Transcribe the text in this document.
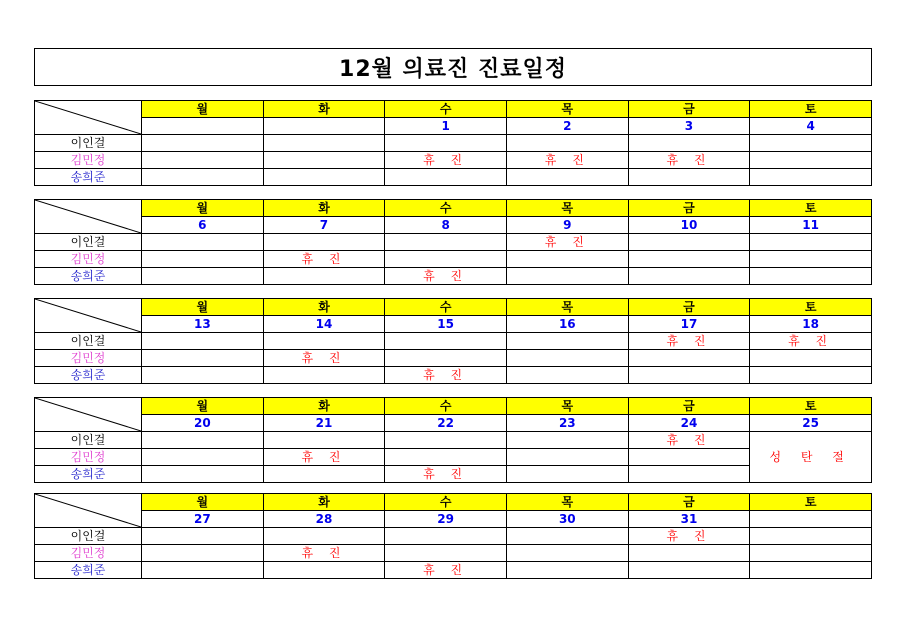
12월 의료진 진료일정
	월	화	수	목	금	토
			1	2	3	4
이인걸						
김민정			휴 진	휴 진	휴 진	
송희준						
	월	화	수	목	금	토
	6	7	8	9	10	11
이인걸				휴 진		
김민정		휴 진				
송희준			휴 진			
	월	화	수	목	금	토
	13	14	15	16	17	18
이인걸					휴 진	휴 진
김민정		휴 진				
송희준			휴 진			
	월	화	수	목	금	토
	20	21	22	23	24	25
이인걸					휴 진	성 탄 절
김민정		휴 진				
송희준			휴 진			
	월	화	수	목	금	토
	27	28	29	30	31	
이인걸					휴 진	
김민정		휴 진				
송희준			휴 진			
